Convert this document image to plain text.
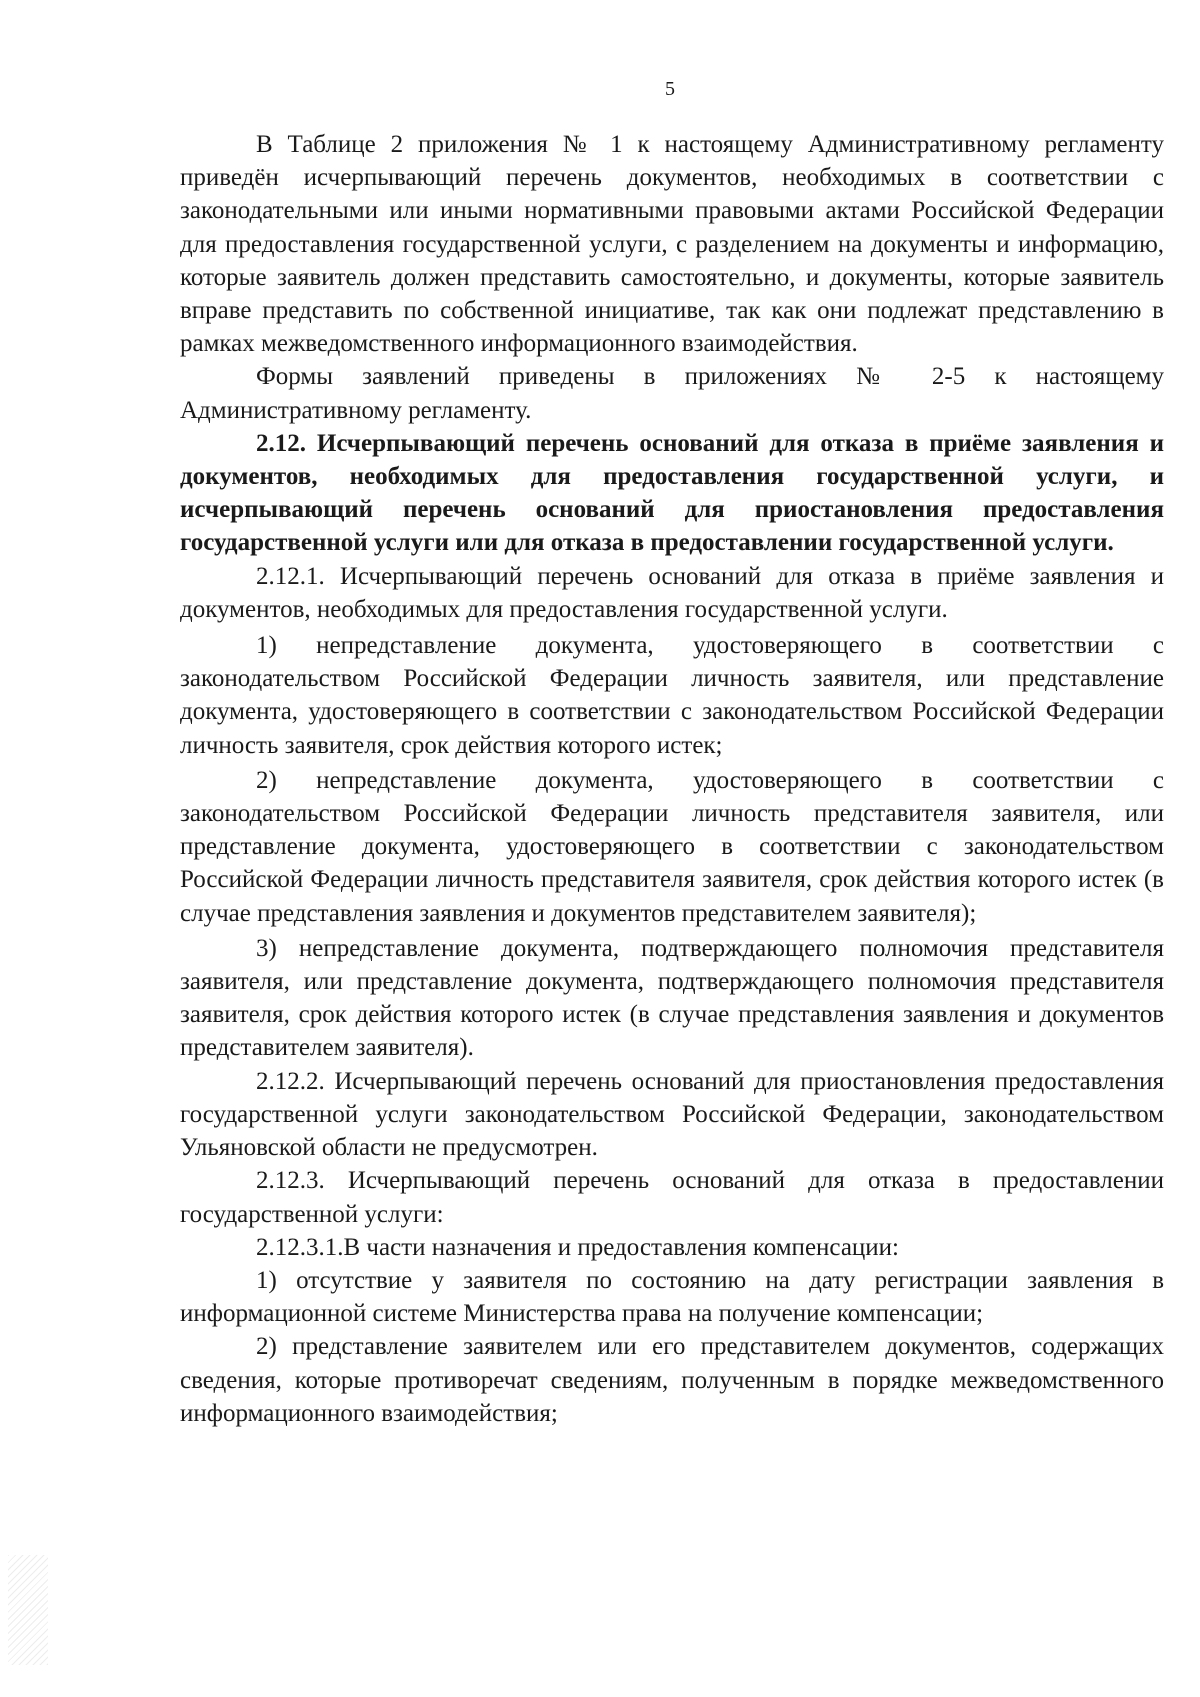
5

В Таблице 2 приложения № 1 к настоящему Административному регламенту приведён исчерпывающий перечень документов, необходимых в соответствии с законодательными или иными нормативными правовыми актами Российской Федерации для предоставления государственной услуги, с разделением на документы и информацию, которые заявитель должен представить самостоятельно, и документы, которые заявитель вправе представить по собственной инициативе, так как они подлежат представлению в рамках межведомственного информационного взаимодействия.

Формы заявлений приведены в приложениях № 2-5 к настоящему Административному регламенту.

2.12. Исчерпывающий перечень оснований для отказа в приёме заявления и документов, необходимых для предоставления государственной услуги, и исчерпывающий перечень оснований для приостановления предоставления государственной услуги или для отказа в предоставлении государственной услуги.

2.12.1. Исчерпывающий перечень оснований для отказа в приёме заявления и документов, необходимых для предоставления государственной услуги.

1) непредставление документа, удостоверяющего в соответствии с законодательством Российской Федерации личность заявителя, или представление документа, удостоверяющего в соответствии с законодательством Российской Федерации личность заявителя, срок действия которого истек;

2) непредставление документа, удостоверяющего в соответствии с законодательством Российской Федерации личность представителя заявителя, или представление документа, удостоверяющего в соответствии с законодательством Российской Федерации личность представителя заявителя, срок действия которого истек (в случае представления заявления и документов представителем заявителя);

3) непредставление документа, подтверждающего полномочия представителя заявителя, или представление документа, подтверждающего полномочия представителя заявителя, срок действия которого истек (в случае представления заявления и документов представителем заявителя).

2.12.2. Исчерпывающий перечень оснований для приостановления предоставления государственной услуги законодательством Российской Федерации, законодательством Ульяновской области не предусмотрен.

2.12.3. Исчерпывающий перечень оснований для отказа в предоставлении государственной услуги:

2.12.3.1.В части назначения и предоставления компенсации:

1) отсутствие у заявителя по состоянию на дату регистрации заявления в информационной системе Министерства права на получение компенсации;

2) представление заявителем или его представителем документов, содержащих сведения, которые противоречат сведениям, полученным в порядке межведомственного информационного взаимодействия;
